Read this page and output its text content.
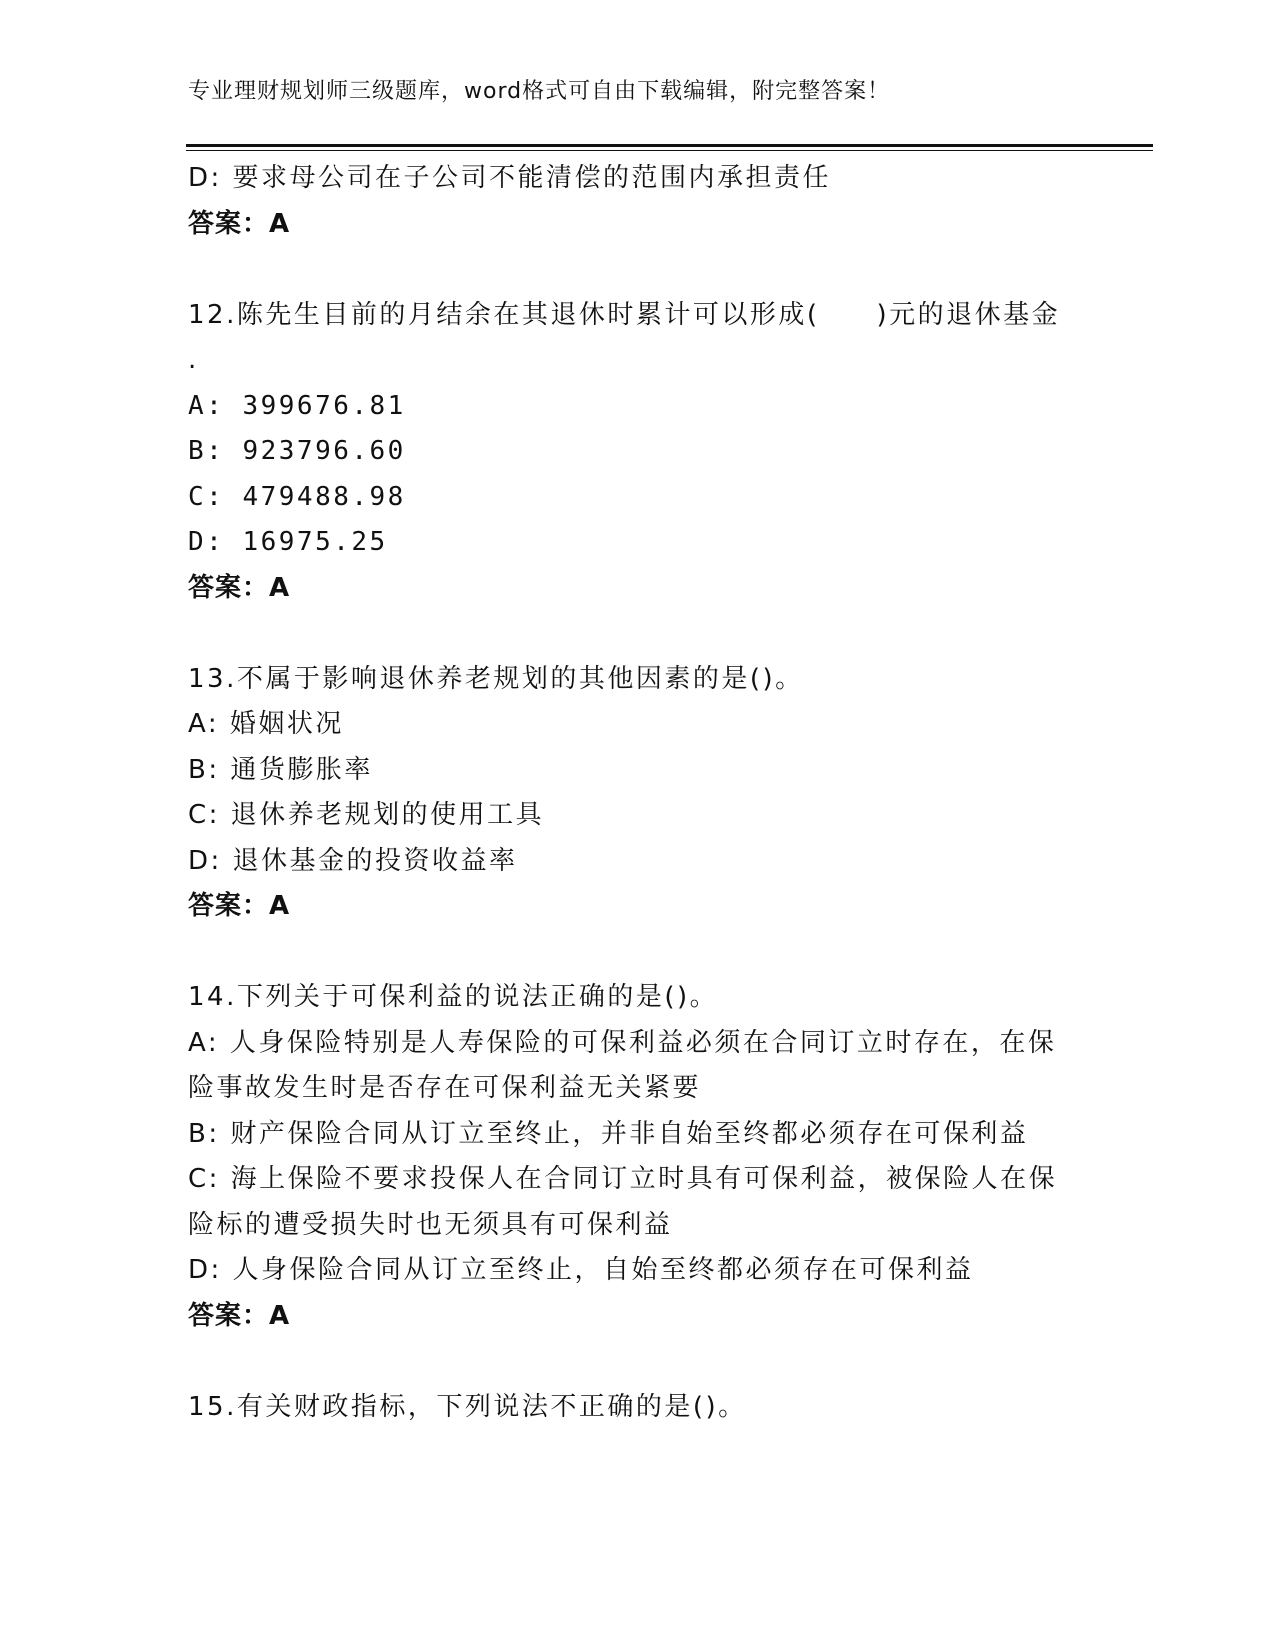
专业理财规划师三级题库，word格式可自由下载编辑，附完整答案！
D: 要求母公司在子公司不能清偿的范围内承担责任
答案：A
12.陈先生目前的月结余在其退休时累计可以形成(　　)元的退休基金
.
A: 399676.81
B: 923796.60
C: 479488.98
D: 16975.25
答案：A
13.不属于影响退休养老规划的其他因素的是()。
A: 婚姻状况
B: 通货膨胀率
C: 退休养老规划的使用工具
D: 退休基金的投资收益率
答案：A
14.下列关于可保利益的说法正确的是()。
A: 人身保险特别是人寿保险的可保利益必须在合同订立时存在，在保
险事故发生时是否存在可保利益无关紧要
B: 财产保险合同从订立至终止，并非自始至终都必须存在可保利益
C: 海上保险不要求投保人在合同订立时具有可保利益，被保险人在保
险标的遭受损失时也无须具有可保利益
D: 人身保险合同从订立至终止，自始至终都必须存在可保利益
答案：A
15.有关财政指标，下列说法不正确的是()。
